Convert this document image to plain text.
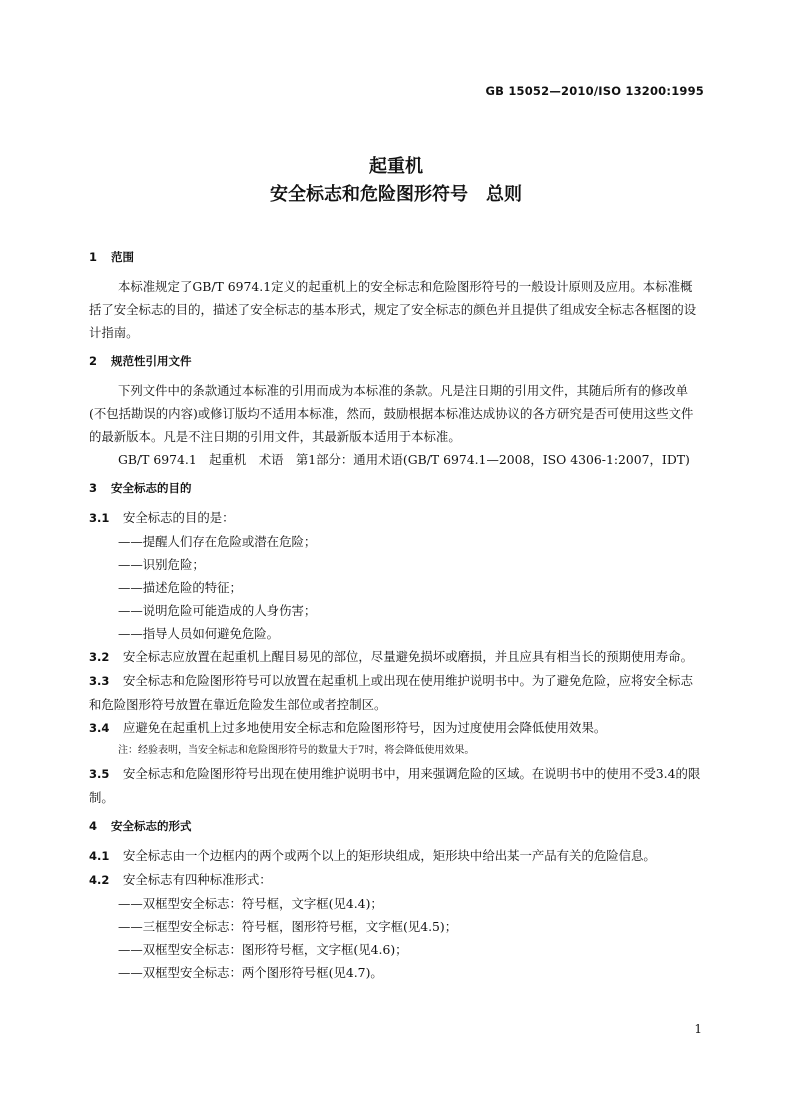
GB 15052—2010/ISO 13200:1995
起重机
安全标志和危险图形符号　总则

1 范围

本标准规定了GB/T 6974.1定义的起重机上的安全标志和危险图形符号的一般设计原则及应用。本标准概括了安全标志的目的，描述了安全标志的基本形式，规定了安全标志的颜色并且提供了组成安全标志各框图的设计指南。

2 规范性引用文件

下列文件中的条款通过本标准的引用而成为本标准的条款。凡是注日期的引用文件，其随后所有的修改单(不包括勘误的内容)或修订版均不适用本标准，然而，鼓励根据本标准达成协议的各方研究是否可使用这些文件的最新版本。凡是不注日期的引用文件，其最新版本适用于本标准。

GB/T 6974.1　起重机　术语　第1部分：通用术语(GB/T 6974.1—2008，ISO 4306-1:2007，IDT)

3 安全标志的目的

3.1 安全标志的目的是：

——提醒人们存在危险或潜在危险；

——识别危险；

——描述危险的特征；

——说明危险可能造成的人身伤害；

——指导人员如何避免危险。

3.2 安全标志应放置在起重机上醒目易见的部位，尽量避免损坏或磨损，并且应具有相当长的预期使用寿命。

3.3 安全标志和危险图形符号可以放置在起重机上或出现在使用维护说明书中。为了避免危险，应将安全标志和危险图形符号放置在靠近危险发生部位或者控制区。

3.4 应避免在起重机上过多地使用安全标志和危险图形符号，因为过度使用会降低使用效果。

注：经验表明，当安全标志和危险图形符号的数量大于7时，将会降低使用效果。

3.5 安全标志和危险图形符号出现在使用维护说明书中，用来强调危险的区域。在说明书中的使用不受3.4的限制。

4 安全标志的形式

4.1 安全标志由一个边框内的两个或两个以上的矩形块组成，矩形块中给出某一产品有关的危险信息。

4.2 安全标志有四种标准形式：

——双框型安全标志：符号框，文字框(见4.4)；

——三框型安全标志：符号框，图形符号框，文字框(见4.5)；

——双框型安全标志：图形符号框，文字框(见4.6)；

——双框型安全标志：两个图形符号框(见4.7)。

1
